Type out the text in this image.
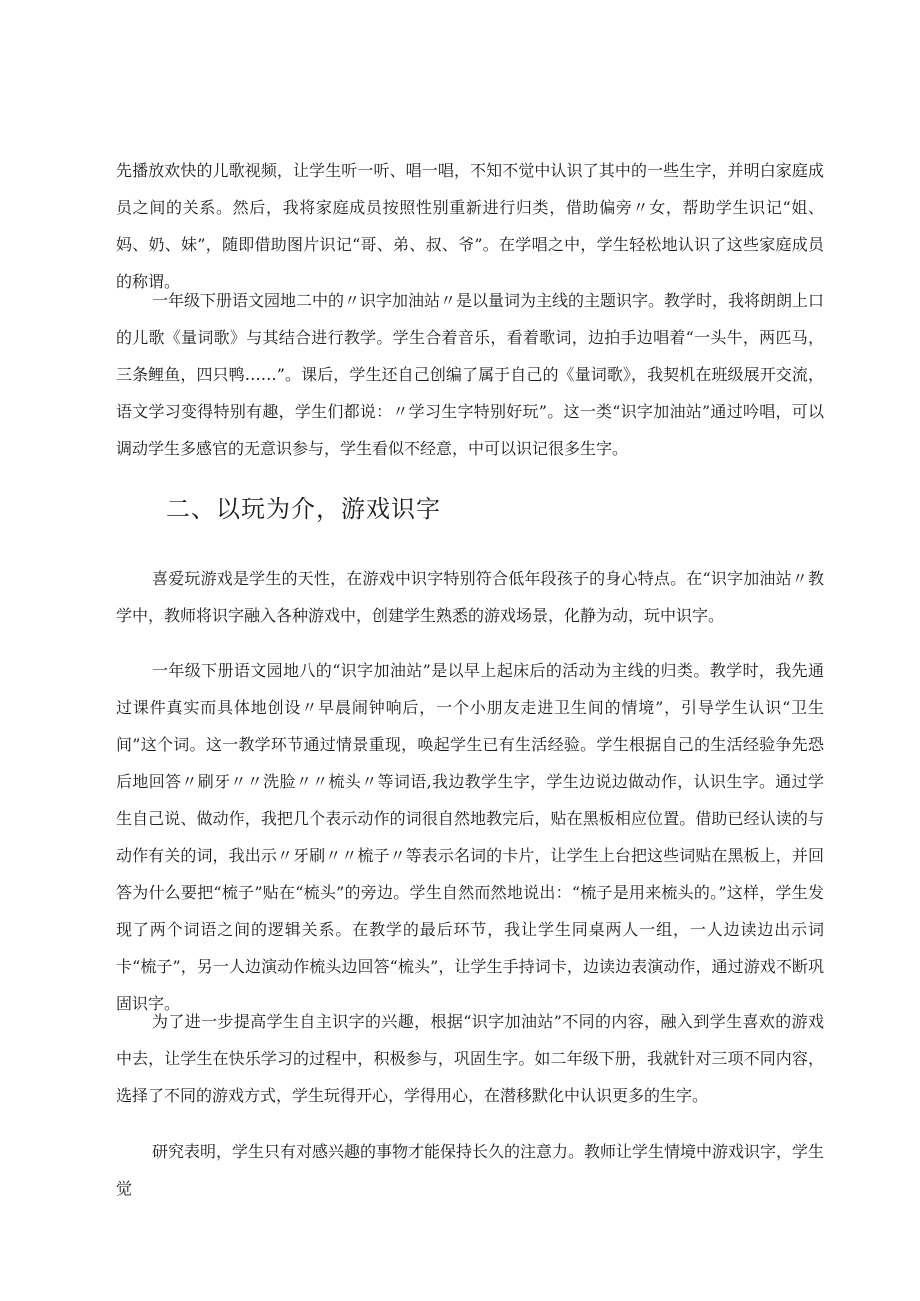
先播放欢快的儿歌视频，让学生听一听、唱一唱，不知不觉中认识了其中的一些生字，并明白家庭成员之间的关系。然后，我将家庭成员按照性别重新进行归类，借助偏旁〃女，帮助学生识记“姐、妈、奶、妹”，随即借助图片识记“哥、弟、叔、爷”。在学唱之中，学生轻松地认识了这些家庭成员的称谓。

一年级下册语文园地二中的〃识字加油站〃是以量词为主线的主题识字。教学时，我将朗朗上口的儿歌《量词歌》与其结合进行教学。学生合着音乐，看着歌词，边拍手边唱着“一头牛，两匹马，三条鲤鱼，四只鸭……”。课后，学生还自己创编了属于自己的《量词歌》，我契机在班级展开交流，语文学习变得特别有趣，学生们都说：〃学习生字特别好玩”。这一类“识字加油站”通过吟唱，可以调动学生多感官的无意识参与，学生看似不经意，中可以识记很多生字。

二、以玩为介，游戏识字

喜爱玩游戏是学生的天性，在游戏中识字特别符合低年段孩子的身心特点。在“识字加油站〃教学中，教师将识字融入各种游戏中，创建学生熟悉的游戏场景，化静为动，玩中识字。

一年级下册语文园地八的“识字加油站”是以早上起床后的活动为主线的归类。教学时，我先通过课件真实而具体地创设〃早晨闹钟响后，一个小朋友走进卫生间的情境”，引导学生认识“卫生间”这个词。这一教学环节通过情景重现，唤起学生已有生活经验。学生根据自己的生活经验争先恐后地回答〃刷牙〃〃洗脸〃〃梳头〃等词语,我边教学生字，学生边说边做动作，认识生字。通过学生自己说、做动作，我把几个表示动作的词很自然地教完后，贴在黑板相应位置。借助已经认读的与动作有关的词，我出示〃牙刷〃〃梳子〃等表示名词的卡片，让学生上台把这些词贴在黑板上，并回答为什么要把“梳子”贴在“梳头”的旁边。学生自然而然地说出：“梳子是用来梳头的。”这样，学生发现了两个词语之间的逻辑关系。在教学的最后环节，我让学生同桌两人一组，一人边读边出示词卡“梳子”，另一人边演动作梳头边回答“梳头”，让学生手持词卡，边读边表演动作，通过游戏不断巩固识字。

为了进一步提高学生自主识字的兴趣，根据“识字加油站”不同的内容，融入到学生喜欢的游戏中去，让学生在快乐学习的过程中，积极参与，巩固生字。如二年级下册，我就针对三项不同内容，选择了不同的游戏方式，学生玩得开心，学得用心，在潜移默化中认识更多的生字。

研究表明，学生只有对感兴趣的事物才能保持长久的注意力。教师让学生情境中游戏识字，学生觉
